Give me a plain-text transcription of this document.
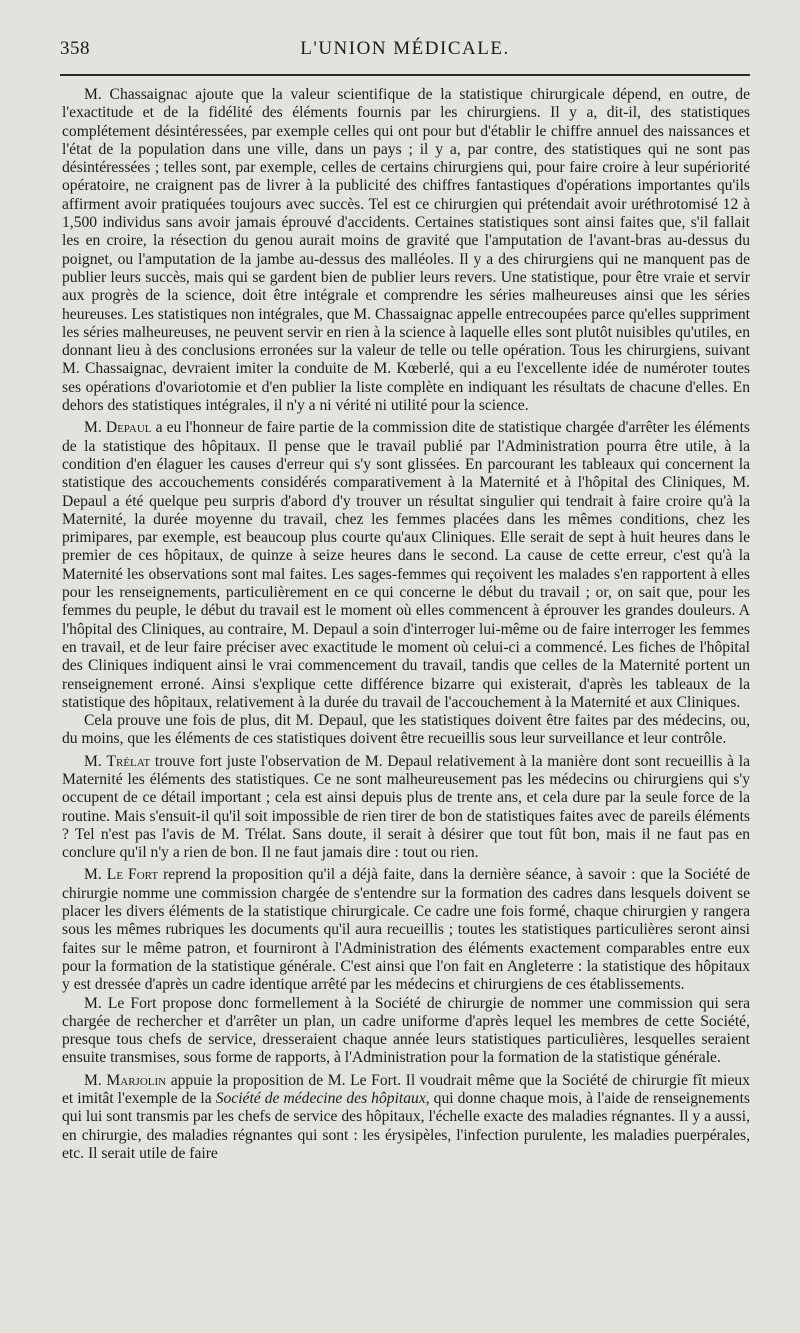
358	L'UNION MÉDICALE.

M. Chassaignac ajoute que la valeur scientifique de la statistique chirurgicale dépend, en outre, de l'exactitude et de la fidélité des éléments fournis par les chirurgiens. Il y a, dit-il, des statistiques complétement désintéressées, par exemple celles qui ont pour but d'établir le chiffre annuel des naissances et l'état de la population dans une ville, dans un pays ; il y a, par contre, des statistiques qui ne sont pas désintéressées ; telles sont, par exemple, celles de certains chirurgiens qui, pour faire croire à leur supériorité opératoire, ne craignent pas de livrer à la publicité des chiffres fantastiques d'opérations importantes qu'ils affirment avoir pratiquées toujours avec succès. Tel est ce chirurgien qui prétendait avoir uréthrotomisé 12 à 1,500 individus sans avoir jamais éprouvé d'accidents. Certaines statistiques sont ainsi faites que, s'il fallait les en croire, la résection du genou aurait moins de gravité que l'amputation de l'avant-bras au-dessus du poignet, ou l'amputation de la jambe au-dessus des malléoles. Il y a des chirurgiens qui ne manquent pas de publier leurs succès, mais qui se gardent bien de publier leurs revers. Une statistique, pour être vraie et servir aux progrès de la science, doit être intégrale et comprendre les séries malheureuses ainsi que les séries heureuses. Les statistiques non intégrales, que M. Chassaignac appelle entrecoupées parce qu'elles suppriment les séries malheureuses, ne peuvent servir en rien à la science à laquelle elles sont plutôt nuisibles qu'utiles, en donnant lieu à des conclusions erronées sur la valeur de telle ou telle opération. Tous les chirurgiens, suivant M. Chassaignac, devraient imiter la conduite de M. Kœberlé, qui a eu l'excellente idée de numéroter toutes ses opérations d'ovariotomie et d'en publier la liste complète en indiquant les résultats de chacune d'elles. En dehors des statistiques intégrales, il n'y a ni vérité ni utilité pour la science.

M. Depaul a eu l'honneur de faire partie de la commission dite de statistique chargée d'arrêter les éléments de la statistique des hôpitaux. Il pense que le travail publié par l'Administration pourra être utile, à la condition d'en élaguer les causes d'erreur qui s'y sont glissées. En parcourant les tableaux qui concernent la statistique des accouchements considérés comparativement à la Maternité et à l'hôpital des Cliniques, M. Depaul a été quelque peu surpris d'abord d'y trouver un résultat singulier qui tendrait à faire croire qu'à la Maternité, la durée moyenne du travail, chez les femmes placées dans les mêmes conditions, chez les primipares, par exemple, est beaucoup plus courte qu'aux Cliniques. Elle serait de sept à huit heures dans le premier de ces hôpitaux, de quinze à seize heures dans le second. La cause de cette erreur, c'est qu'à la Maternité les observations sont mal faites. Les sages-femmes qui reçoivent les malades s'en rapportent à elles pour les renseignements, particulièrement en ce qui concerne le début du travail ; or, on sait que, pour les femmes du peuple, le début du travail est le moment où elles commencent à éprouver les grandes douleurs. A l'hôpital des Cliniques, au contraire, M. Depaul a soin d'interroger lui-même ou de faire interroger les femmes en travail, et de leur faire préciser avec exactitude le moment où celui-ci a commencé. Les fiches de l'hôpital des Cliniques indiquent ainsi le vrai commencement du travail, tandis que celles de la Maternité portent un renseignement erroné. Ainsi s'explique cette différence bizarre qui existerait, d'après les tableaux de la statistique des hôpitaux, relativement à la durée du travail de l'accouchement à la Maternité et aux Cliniques.

Cela prouve une fois de plus, dit M. Depaul, que les statistiques doivent être faites par des médecins, ou, du moins, que les éléments de ces statistiques doivent être recueillis sous leur surveillance et leur contrôle.

M. Trélat trouve fort juste l'observation de M. Depaul relativement à la manière dont sont recueillis à la Maternité les éléments des statistiques. Ce ne sont malheureusement pas les médecins ou chirurgiens qui s'y occupent de ce détail important ; cela est ainsi depuis plus de trente ans, et cela dure par la seule force de la routine. Mais s'ensuit-il qu'il soit impossible de rien tirer de bon de statistiques faites avec de pareils éléments ? Tel n'est pas l'avis de M. Trélat. Sans doute, il serait à désirer que tout fût bon, mais il ne faut pas en conclure qu'il n'y a rien de bon. Il ne faut jamais dire : tout ou rien.

M. Le Fort reprend la proposition qu'il a déjà faite, dans la dernière séance, à savoir : que la Société de chirurgie nomme une commission chargée de s'entendre sur la formation des cadres dans lesquels doivent se placer les divers éléments de la statistique chirurgicale. Ce cadre une fois formé, chaque chirurgien y rangera sous les mêmes rubriques les documents qu'il aura recueillis ; toutes les statistiques particulières seront ainsi faites sur le même patron, et fourniront à l'Administration des éléments exactement comparables entre eux pour la formation de la statistique générale. C'est ainsi que l'on fait en Angleterre : la statistique des hôpitaux y est dressée d'après un cadre identique arrêté par les médecins et chirurgiens de ces établissements.

M. Le Fort propose donc formellement à la Société de chirurgie de nommer une commission qui sera chargée de rechercher et d'arrêter un plan, un cadre uniforme d'après lequel les membres de cette Société, presque tous chefs de service, dresseraient chaque année leurs statistiques particulières, lesquelles seraient ensuite transmises, sous forme de rapports, à l'Administration pour la formation de la statistique générale.

M. Marjolin appuie la proposition de M. Le Fort. Il voudrait même que la Société de chirurgie fît mieux et imitât l'exemple de la Société de médecine des hôpitaux, qui donne chaque mois, à l'aide de renseignements qui lui sont transmis par les chefs de service des hôpitaux, l'échelle exacte des maladies régnantes. Il y a aussi, en chirurgie, des maladies régnantes qui sont : les érysipèles, l'infection purulente, les maladies puerpérales, etc. Il serait utile de faire
